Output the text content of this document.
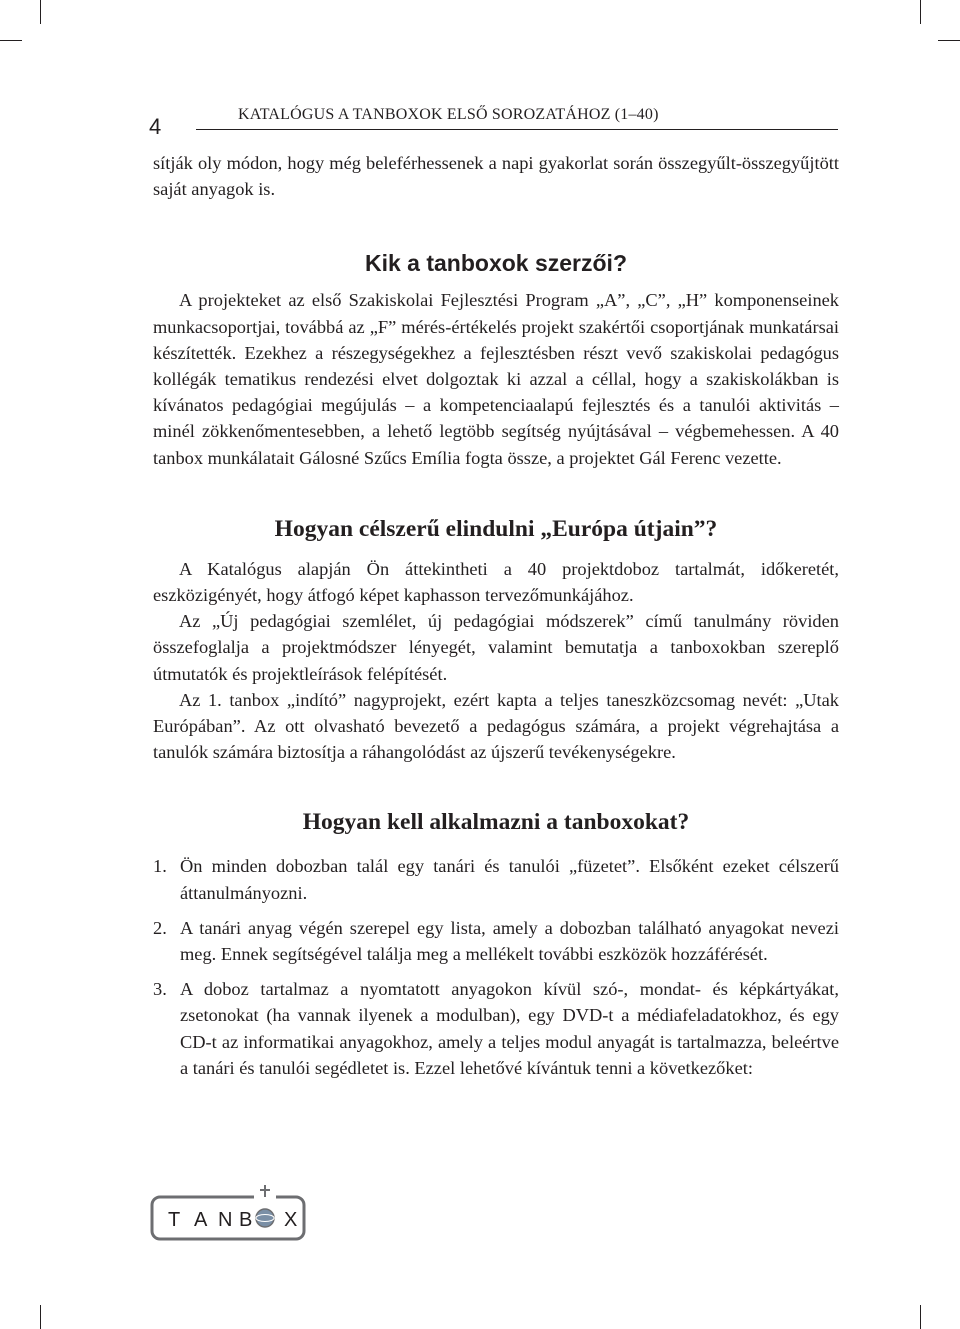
4	KATALÓGUS A TANBOXOK ELSŐ SOROZATÁHOZ (1–40)

sítják oly módon, hogy még beleférhessenek a napi gyakorlat során összegyűlt-összegyűjtött saját anyagok is.

Kik a tanboxok szerzői?

A projekteket az első Szakiskolai Fejlesztési Program „A”, „C”, „H” komponenseinek munkacsoportjai, továbbá az „F” mérés-értékelés projekt szakértői csoportjának munkatársai készítették. Ezekhez a részegységekhez a fejlesztésben részt vevő szakiskolai pedagógus kollégák tematikus rendezési elvet dolgoztak ki azzal a céllal, hogy a szakiskolákban is kívánatos pedagógiai megújulás – a kompetenciaalapú fejlesztés és a tanulói aktivitás – minél zökkenőmentesebben, a lehető legtöbb segítség nyújtásával – végbemehessen. A 40 tanbox munkálatait Gálosné Szűcs Emília fogta össze, a projektet Gál Ferenc vezette.

Hogyan célszerű elindulni „Európa útjain”?

A Katalógus alapján Ön áttekintheti a 40 projektdoboz tartalmát, időkeretét, eszközigényét, hogy átfogó képet kaphasson tervezőmunkájához.

Az „Új pedagógiai szemlélet, új pedagógiai módszerek” című tanulmány röviden összefoglalja a projektmódszer lényegét, valamint bemutatja a tanboxokban szereplő útmutatók és projektleírások felépítését.

Az 1. tanbox „indító” nagyprojekt, ezért kapta a teljes taneszközcsomag nevét: „Utak Európában”. Az ott olvasható bevezető a pedagógus számára, a projekt végrehajtása a tanulók számára biztosítja a ráhangolódást az újszerű tevékenységekre.

Hogyan kell alkalmazni a tanboxokat?
1. Ön minden dobozban talál egy tanári és tanulói „füzetet”. Elsőként ezeket célszerű áttanulmányozni.
2. A tanári anyag végén szerepel egy lista, amely a dobozban található anyagokat nevezi meg. Ennek segítségével találja meg a mellékelt további eszközök hozzáférését.
3. A doboz tartalmaz a nyomtatott anyagokon kívül szó-, mondat- és képkártyákat, zsetonokat (ha vannak ilyenek a modulban), egy DVD-t a médiafeladatokhoz, és egy CD-t az informatikai anyagokhoz, amely a teljes modul anyagát is tartalmazza, beleértve a tanári és tanulói segédletet is. Ezzel lehetővé kívántuk tenni a következőket:
T A N B X
